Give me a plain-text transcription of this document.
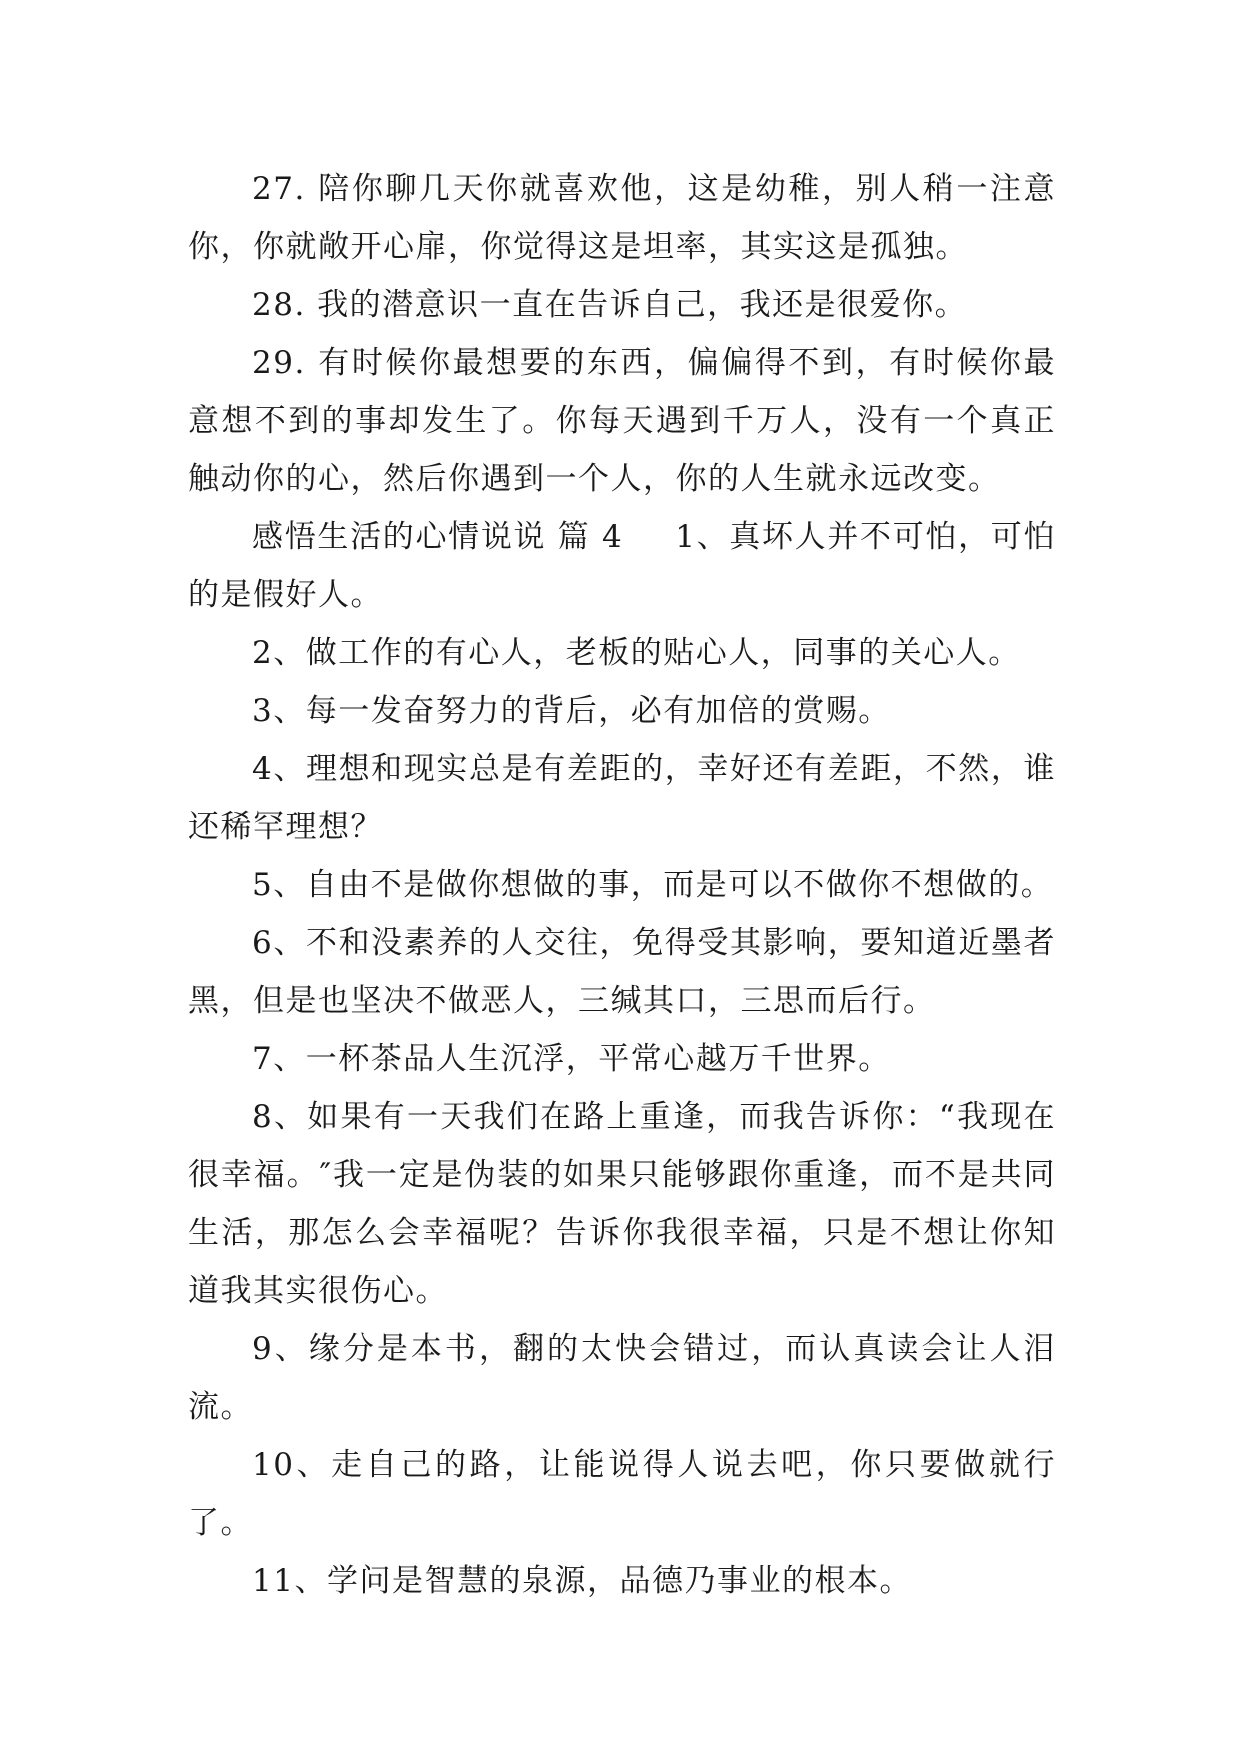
27. 陪你聊几天你就喜欢他，这是幼稚，别人稍一注意你，你就敞开心扉，你觉得这是坦率，其实这是孤独。

28. 我的潜意识一直在告诉自己，我还是很爱你。

29. 有时候你最想要的东西，偏偏得不到，有时候你最意想不到的事却发生了。你每天遇到千万人，没有一个真正触动你的心，然后你遇到一个人，你的人生就永远改变。

感悟生活的心情说说 篇 4 1、真坏人并不可怕，可怕的是假好人。

2、做工作的有心人，老板的贴心人，同事的关心人。

3、每一发奋努力的背后，必有加倍的赏赐。

4、理想和现实总是有差距的，幸好还有差距，不然，谁还稀罕理想？

5、自由不是做你想做的事，而是可以不做你不想做的。

6、不和没素养的人交往，免得受其影响，要知道近墨者黑，但是也坚决不做恶人，三缄其口，三思而后行。

7、一杯茶品人生沉浮，平常心越万千世界。

8、如果有一天我们在路上重逢，而我告诉你：“我现在很幸福。″我一定是伪装的如果只能够跟你重逢，而不是共同生活，那怎么会幸福呢？告诉你我很幸福，只是不想让你知道我其实很伤心。

9、缘分是本书，翻的太快会错过，而认真读会让人泪流。

10、走自己的路，让能说得人说去吧，你只要做就行了。

11、学问是智慧的泉源，品德乃事业的根本。
